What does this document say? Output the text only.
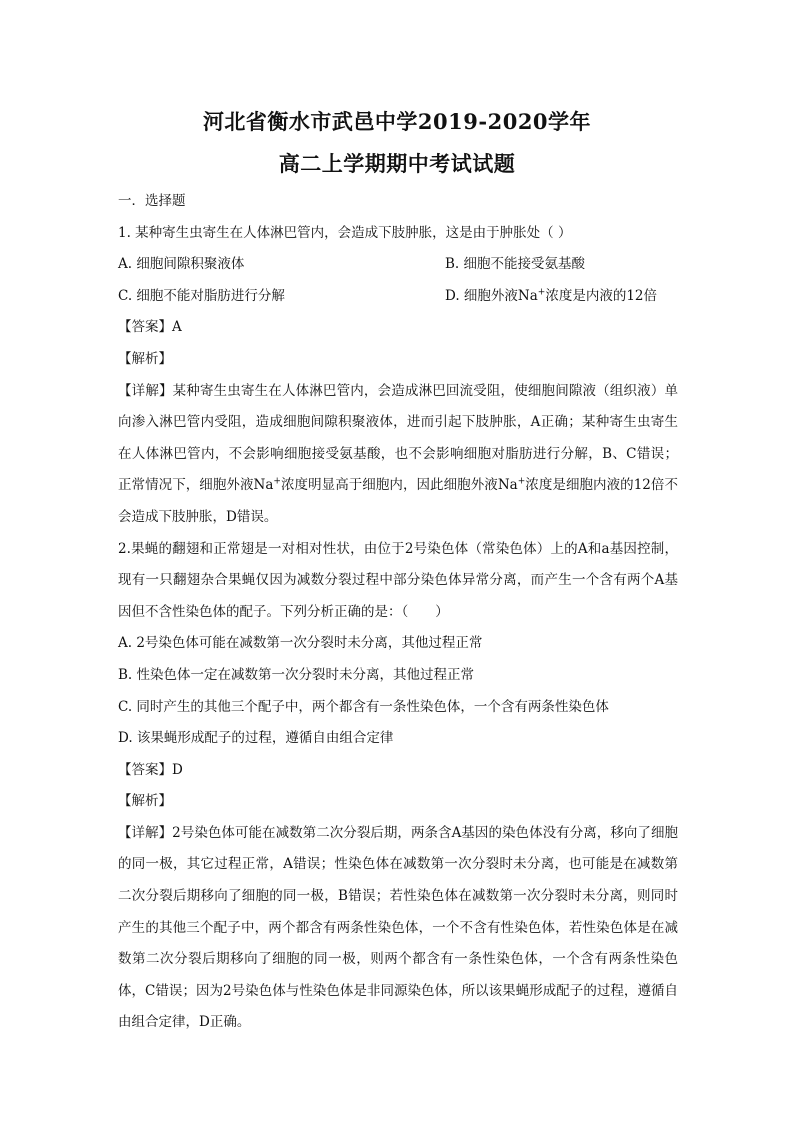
河北省衡水市武邑中学2019-2020学年
高二上学期期中考试试题

一．选择题

1. 某种寄生虫寄生在人体淋巴管内，会造成下肢肿胀，这是由于肿胀处（ ）

A. 细胞间隙积聚液体	B. 细胞不能接受氨基酸
C. 细胞不能对脂肪进行分解	D. 细胞外液Na+浓度是内液的12倍

【答案】A

【解析】

【详解】某种寄生虫寄生在人体淋巴管内，会造成淋巴回流受阻，使细胞间隙液（组织液）单向渗入淋巴管内受阻，造成细胞间隙积聚液体，进而引起下肢肿胀，A正确；某种寄生虫寄生在人体淋巴管内，不会影响细胞接受氨基酸，也不会影响细胞对脂肪进行分解，B、C错误；正常情况下，细胞外液Na+浓度明显高于细胞内，因此细胞外液Na+浓度是细胞内液的12倍不会造成下肢肿胀，D错误。

2.果蝇的翻翅和正常翅是一对相对性状，由位于2号染色体（常染色体）上的A和a基因控制，现有一只翻翅杂合果蝇仅因为减数分裂过程中部分染色体异常分离，而产生一个含有两个A基因但不含性染色体的配子。下列分析正确的是：（　　）

A. 2号染色体可能在减数第一次分裂时未分离，其他过程正常

B. 性染色体一定在减数第一次分裂时未分离，其他过程正常

C. 同时产生的其他三个配子中，两个都含有一条性染色体，一个含有两条性染色体

D. 该果蝇形成配子的过程，遵循自由组合定律

【答案】D

【解析】

【详解】2号染色体可能在减数第二次分裂后期，两条含A基因的染色体没有分离，移向了细胞的同一极，其它过程正常，A错误；性染色体在减数第一次分裂时未分离，也可能是在减数第二次分裂后期移向了细胞的同一极，B错误；若性染色体在减数第一次分裂时未分离，则同时产生的其他三个配子中，两个都含有两条性染色体，一个不含有性染色体，若性染色体是在减数第二次分裂后期移向了细胞的同一极，则两个都含有一条性染色体，一个含有两条性染色体，C错误；因为2号染色体与性染色体是非同源染色体，所以该果蝇形成配子的过程，遵循自由组合定律，D正确。
